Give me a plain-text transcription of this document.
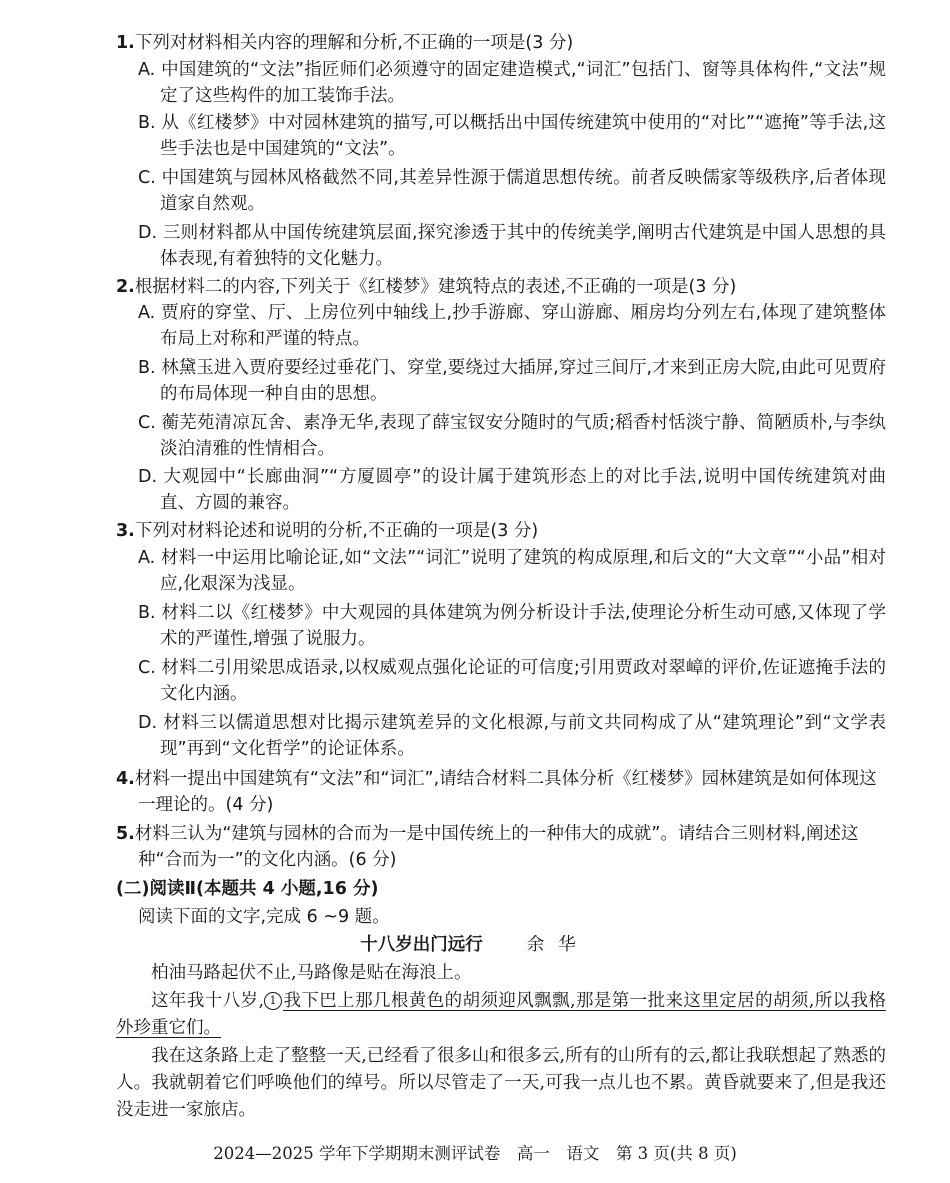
1.下列对材料相关内容的理解和分析,不正确的一项是(3 分)
A. 中国建筑的“文法”指匠师们必须遵守的固定建造模式,“词汇”包括门、窗等具体构件,“文法”规定了这些构件的加工装饰手法。
B. 从《红楼梦》中对园林建筑的描写,可以概括出中国传统建筑中使用的“对比”“遮掩”等手法,这些手法也是中国建筑的“文法”。
C. 中国建筑与园林风格截然不同,其差异性源于儒道思想传统。前者反映儒家等级秩序,后者体现道家自然观。
D. 三则材料都从中国传统建筑层面,探究渗透于其中的传统美学,阐明古代建筑是中国人思想的具体表现,有着独特的文化魅力。
2.根据材料二的内容,下列关于《红楼梦》建筑特点的表述,不正确的一项是(3 分)
A. 贾府的穿堂、厅、上房位列中轴线上,抄手游廊、穿山游廊、厢房均分列左右,体现了建筑整体布局上对称和严谨的特点。
B. 林黛玉进入贾府要经过垂花门、穿堂,要绕过大插屏,穿过三间厅,才来到正房大院,由此可见贾府的布局体现一种自由的思想。
C. 蘅芜苑清凉瓦舍、素净无华,表现了薛宝钗安分随时的气质;稻香村恬淡宁静、简陋质朴,与李纨淡泊清雅的性情相合。
D. 大观园中“长廊曲洞”“方厦圆亭”的设计属于建筑形态上的对比手法,说明中国传统建筑对曲直、方圆的兼容。
3.下列对材料论述和说明的分析,不正确的一项是(3 分)
A. 材料一中运用比喻论证,如“文法”“词汇”说明了建筑的构成原理,和后文的“大文章”“小品”相对应,化艰深为浅显。
B. 材料二以《红楼梦》中大观园的具体建筑为例分析设计手法,使理论分析生动可感,又体现了学术的严谨性,增强了说服力。
C. 材料二引用梁思成语录,以权威观点强化论证的可信度;引用贾政对翠嶂的评价,佐证遮掩手法的文化内涵。
D. 材料三以儒道思想对比揭示建筑差异的文化根源,与前文共同构成了从“建筑理论”到“文学表现”再到“文化哲学”的论证体系。
4.材料一提出中国建筑有“文法”和“词汇”,请结合材料二具体分析《红楼梦》园林建筑是如何体现这一理论的。(4 分)
5.材料三认为“建筑与园林的合而为一是中国传统上的一种伟大的成就”。请结合三则材料,阐述这种“合而为一”的文化内涵。(6 分)
(二)阅读Ⅱ(本题共 4 小题,16 分)
阅读下面的文字,完成 6 ~9 题。
十八岁出门远行	余华
柏油马路起伏不止,马路像是贴在海浪上。
这年我十八岁, 1 我下巴上那几根黄色的胡须迎风飘飘,那是第一批来这里定居的胡须,所以我格外珍重它们。
我在这条路上走了整整一天,已经看了很多山和很多云,所有的山所有的云,都让我联想起了熟悉的人。我就朝着它们呼唤他们的绰号。所以尽管走了一天,可我一点儿也不累。黄昏就要来了,但是我还没走进一家旅店。
2024—2025 学年下学期期末测评试卷　高一　语文　第 3 页(共 8 页)
